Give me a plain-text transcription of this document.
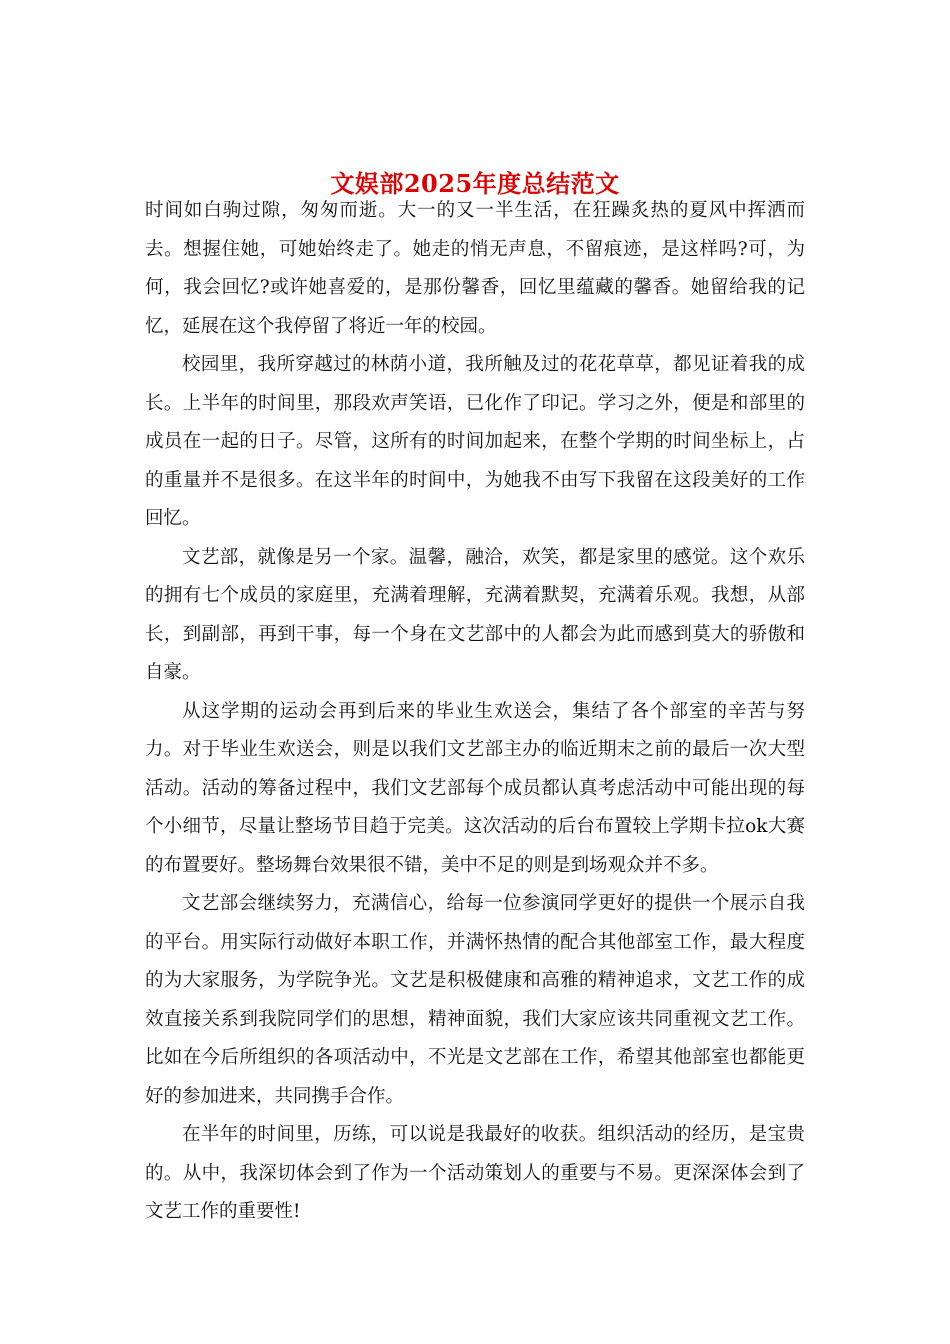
文娱部2025年度总结范文

时间如白驹过隙，匆匆而逝。大一的又一半生活，在狂躁炙热的夏风中挥洒而去。想握住她，可她始终走了。她走的悄无声息，不留痕迹，是这样吗?可，为何，我会回忆?或许她喜爱的，是那份馨香，回忆里蕴藏的馨香。她留给我的记忆，延展在这个我停留了将近一年的校园。

校园里，我所穿越过的林荫小道，我所触及过的花花草草，都见证着我的成长。上半年的时间里，那段欢声笑语，已化作了印记。学习之外，便是和部里的成员在一起的日子。尽管，这所有的时间加起来，在整个学期的时间坐标上，占的重量并不是很多。在这半年的时间中，为她我不由写下我留在这段美好的工作回忆。

文艺部，就像是另一个家。温馨，融洽，欢笑，都是家里的感觉。这个欢乐的拥有七个成员的家庭里，充满着理解，充满着默契，充满着乐观。我想，从部长，到副部，再到干事，每一个身在文艺部中的人都会为此而感到莫大的骄傲和自豪。

从这学期的运动会再到后来的毕业生欢送会，集结了各个部室的辛苦与努力。对于毕业生欢送会，则是以我们文艺部主办的临近期末之前的最后一次大型活动。活动的筹备过程中，我们文艺部每个成员都认真考虑活动中可能出现的每个小细节，尽量让整场节目趋于完美。这次活动的后台布置较上学期卡拉ok大赛的布置要好。整场舞台效果很不错，美中不足的则是到场观众并不多。

文艺部会继续努力，充满信心，给每一位参演同学更好的提供一个展示自我的平台。用实际行动做好本职工作，并满怀热情的配合其他部室工作，最大程度的为大家服务，为学院争光。文艺是积极健康和高雅的精神追求，文艺工作的成效直接关系到我院同学们的思想，精神面貌，我们大家应该共同重视文艺工作。比如在今后所组织的各项活动中，不光是文艺部在工作，希望其他部室也都能更好的参加进来，共同携手合作。

在半年的时间里，历练，可以说是我最好的收获。组织活动的经历，是宝贵的。从中，我深切体会到了作为一个活动策划人的重要与不易。更深深体会到了文艺工作的重要性!
